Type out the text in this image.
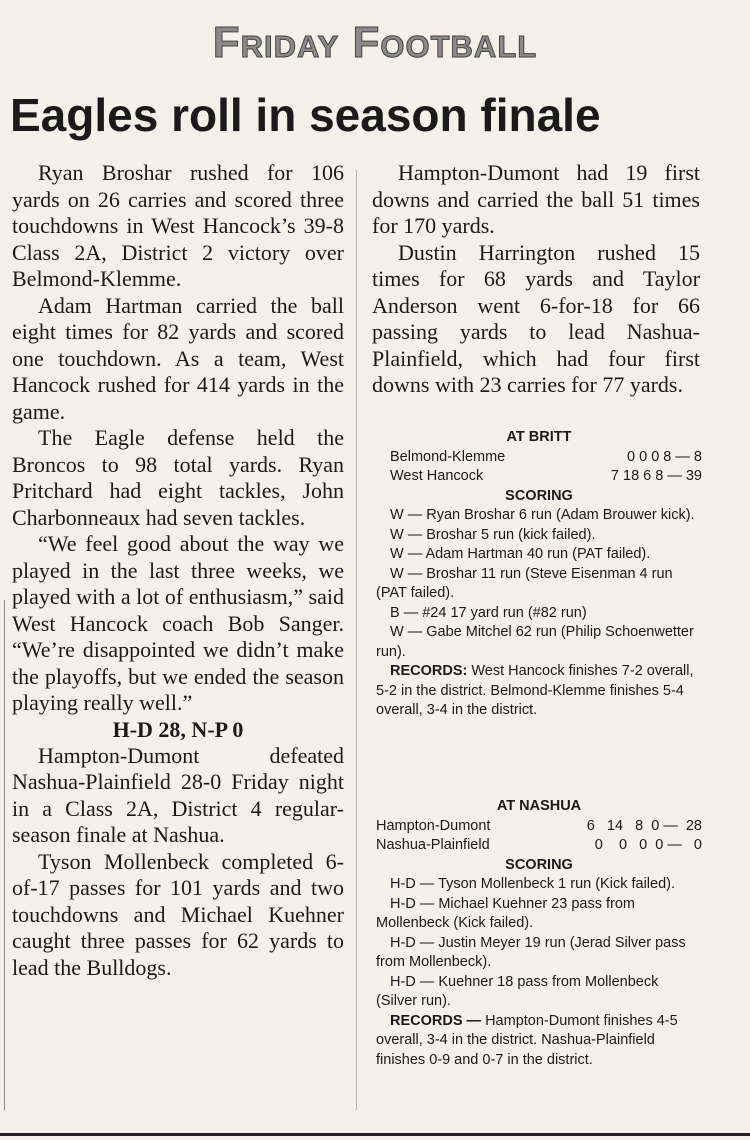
Friday Football
Eagles roll in season finale

Ryan Broshar rushed for 106 yards on 26 carries and scored three touchdowns in West Hancock’s 39-8 Class 2A, District 2 victory over Belmond-Klemme.

Adam Hartman carried the ball eight times for 82 yards and scored one touchdown. As a team, West Hancock rushed for 414 yards in the game.

The Eagle defense held the Broncos to 98 total yards. Ryan Pritchard had eight tackles, John Charbonneaux had seven tackles.

“We feel good about the way we played in the last three weeks, we played with a lot of enthusiasm,” said West Hancock coach Bob Sanger. “We’re disappointed we didn’t make the playoffs, but we ended the season playing really well.”

H-D 28, N-P 0

Hampton-Dumont defeated Nashua-Plainfield 28-0 Friday night in a Class 2A, District 4 regular-season finale at Nashua.

Tyson Mollenbeck completed 6-of-17 passes for 101 yards and two touchdowns and Michael Kuehner caught three passes for 62 yards to lead the Bulldogs.

Hampton-Dumont had 19 first downs and carried the ball 51 times for 170 yards.

Dustin Harrington rushed 15 times for 68 yards and Taylor Anderson went 6-for-18 for 66 passing yards to lead Nashua-Plainfield, which had four first downs with 23 carries for 77 yards.

AT BRITT
Belmond-Klemme	0 0 0 8 — 8
West Hancock	7 18 6 8 — 39
SCORING
W — Ryan Broshar 6 run (Adam Brouwer kick).
W — Broshar 5 run (kick failed).
W — Adam Hartman 40 run (PAT failed).
W — Broshar 11 run (Steve Eisenman 4 run (PAT failed).
B — #24 17 yard run (#82 run)
W — Gabe Mitchel 62 run (Philip Schoenwetter run).
RECORDS: West Hancock finishes 7-2 overall, 5-2 in the district. Belmond-Klemme finishes 5-4 overall, 3-4 in the district.
AT NASHUA
Hampton-Dumont	6   14   8  0 —  28
Nashua-Plainfield	0    0   0  0 —   0
SCORING
H-D — Tyson Mollenbeck 1 run (Kick failed).
H-D — Michael Kuehner 23 pass from Mollenbeck (Kick failed).
H-D — Justin Meyer 19 run (Jerad Silver pass from Mollenbeck).
H-D — Kuehner 18 pass from Mollenbeck (Silver run).
RECORDS — Hampton-Dumont finishes 4-5 overall, 3-4 in the district. Nashua-Plainfield finishes 0-9 and 0-7 in the district.
